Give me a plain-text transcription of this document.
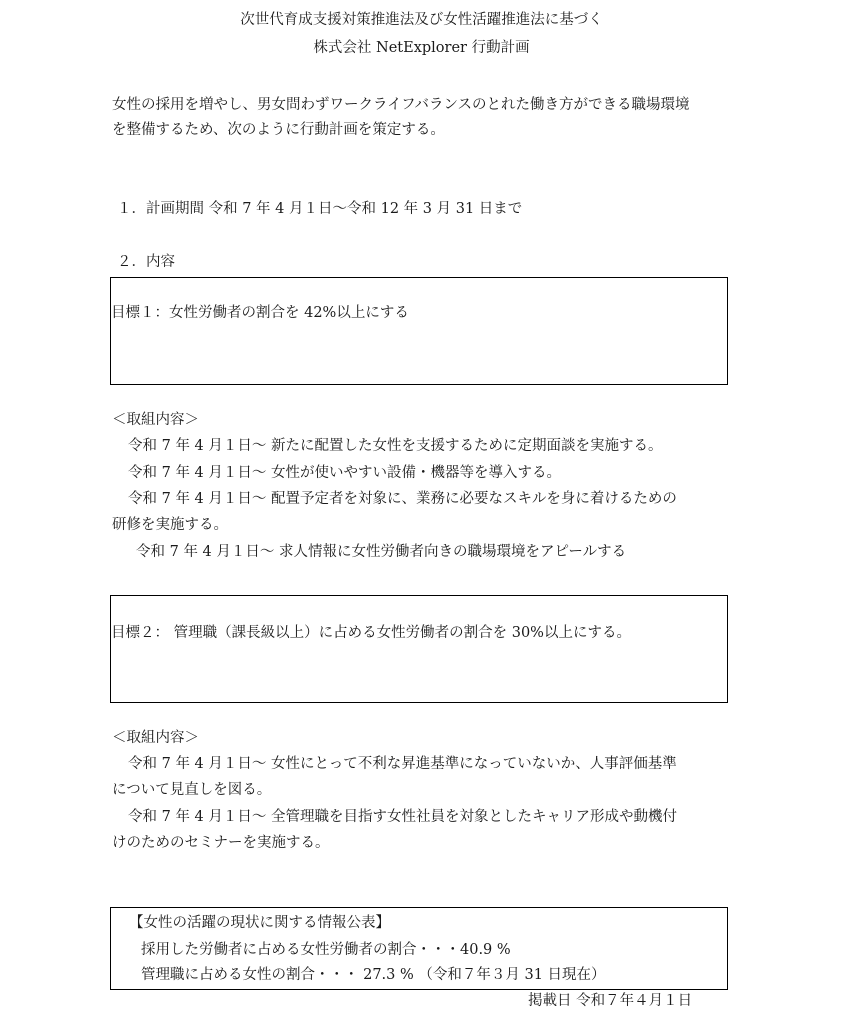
次世代育成支援対策推進法及び女性活躍推進法に基づく
株式会社 NetExplorer 行動計画
女性の採用を増やし、男女問わずワークライフバランスのとれた働き方ができる職場環境
を整備するため、次のように行動計画を策定する。
１．計画期間 令和 7 年 4 月１日～令和 12 年 3 月 31 日まで
２．内容
目標１：女性労働者の割合を 42%以上にする
＜取組内容＞
令和 7 年 4 月１日～ 新たに配置した女性を支援するために定期面談を実施する。
令和 7 年 4 月１日～ 女性が使いやすい設備・機器等を導入する。
令和 7 年 4 月１日～ 配置予定者を対象に、業務に必要なスキルを身に着けるための
研修を実施する。
令和 7 年 4 月１日～ 求人情報に女性労働者向きの職場環境をアピールする
目標２： 管理職（課長級以上）に占める女性労働者の割合を 30%以上にする。
＜取組内容＞
令和 7 年 4 月１日～ 女性にとって不利な昇進基準になっていないか、人事評価基準
について見直しを図る。
令和 7 年 4 月１日～ 全管理職を目指す女性社員を対象としたキャリア形成や動機付
けのためのセミナーを実施する。
【女性の活躍の現状に関する情報公表】
採用した労働者に占める女性労働者の割合・・・40.9 %
管理職に占める女性の割合・・・ 27.3 % （令和７年３月 31 日現在）
掲載日 令和７年４月１日
